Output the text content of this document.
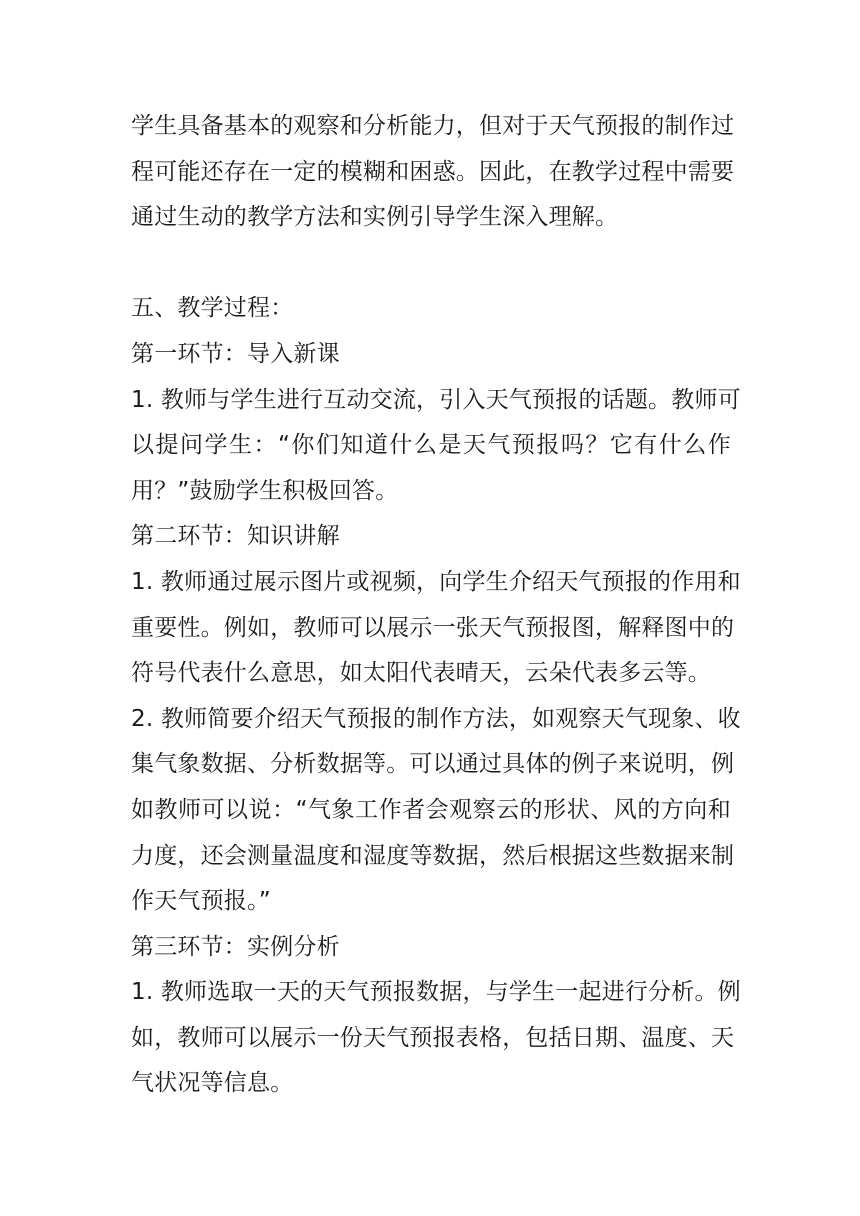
学生具备基本的观察和分析能力，但对于天气预报的制作过
程可能还存在一定的模糊和困惑。因此，在教学过程中需要
通过生动的教学方法和实例引导学生深入理解。
五、教学过程：
第一环节：导入新课
1. 教师与学生进行互动交流，引入天气预报的话题。教师可
以提问学生：“你们知道什么是天气预报吗？它有什么作
用？”鼓励学生积极回答。
第二环节：知识讲解
1. 教师通过展示图片或视频，向学生介绍天气预报的作用和
重要性。例如，教师可以展示一张天气预报图，解释图中的
符号代表什么意思，如太阳代表晴天，云朵代表多云等。
2. 教师简要介绍天气预报的制作方法，如观察天气现象、收
集气象数据、分析数据等。可以通过具体的例子来说明，例
如教师可以说：“气象工作者会观察云的形状、风的方向和
力度，还会测量温度和湿度等数据，然后根据这些数据来制
作天气预报。”
第三环节：实例分析
1. 教师选取一天的天气预报数据，与学生一起进行分析。例
如，教师可以展示一份天气预报表格，包括日期、温度、天
气状况等信息。
